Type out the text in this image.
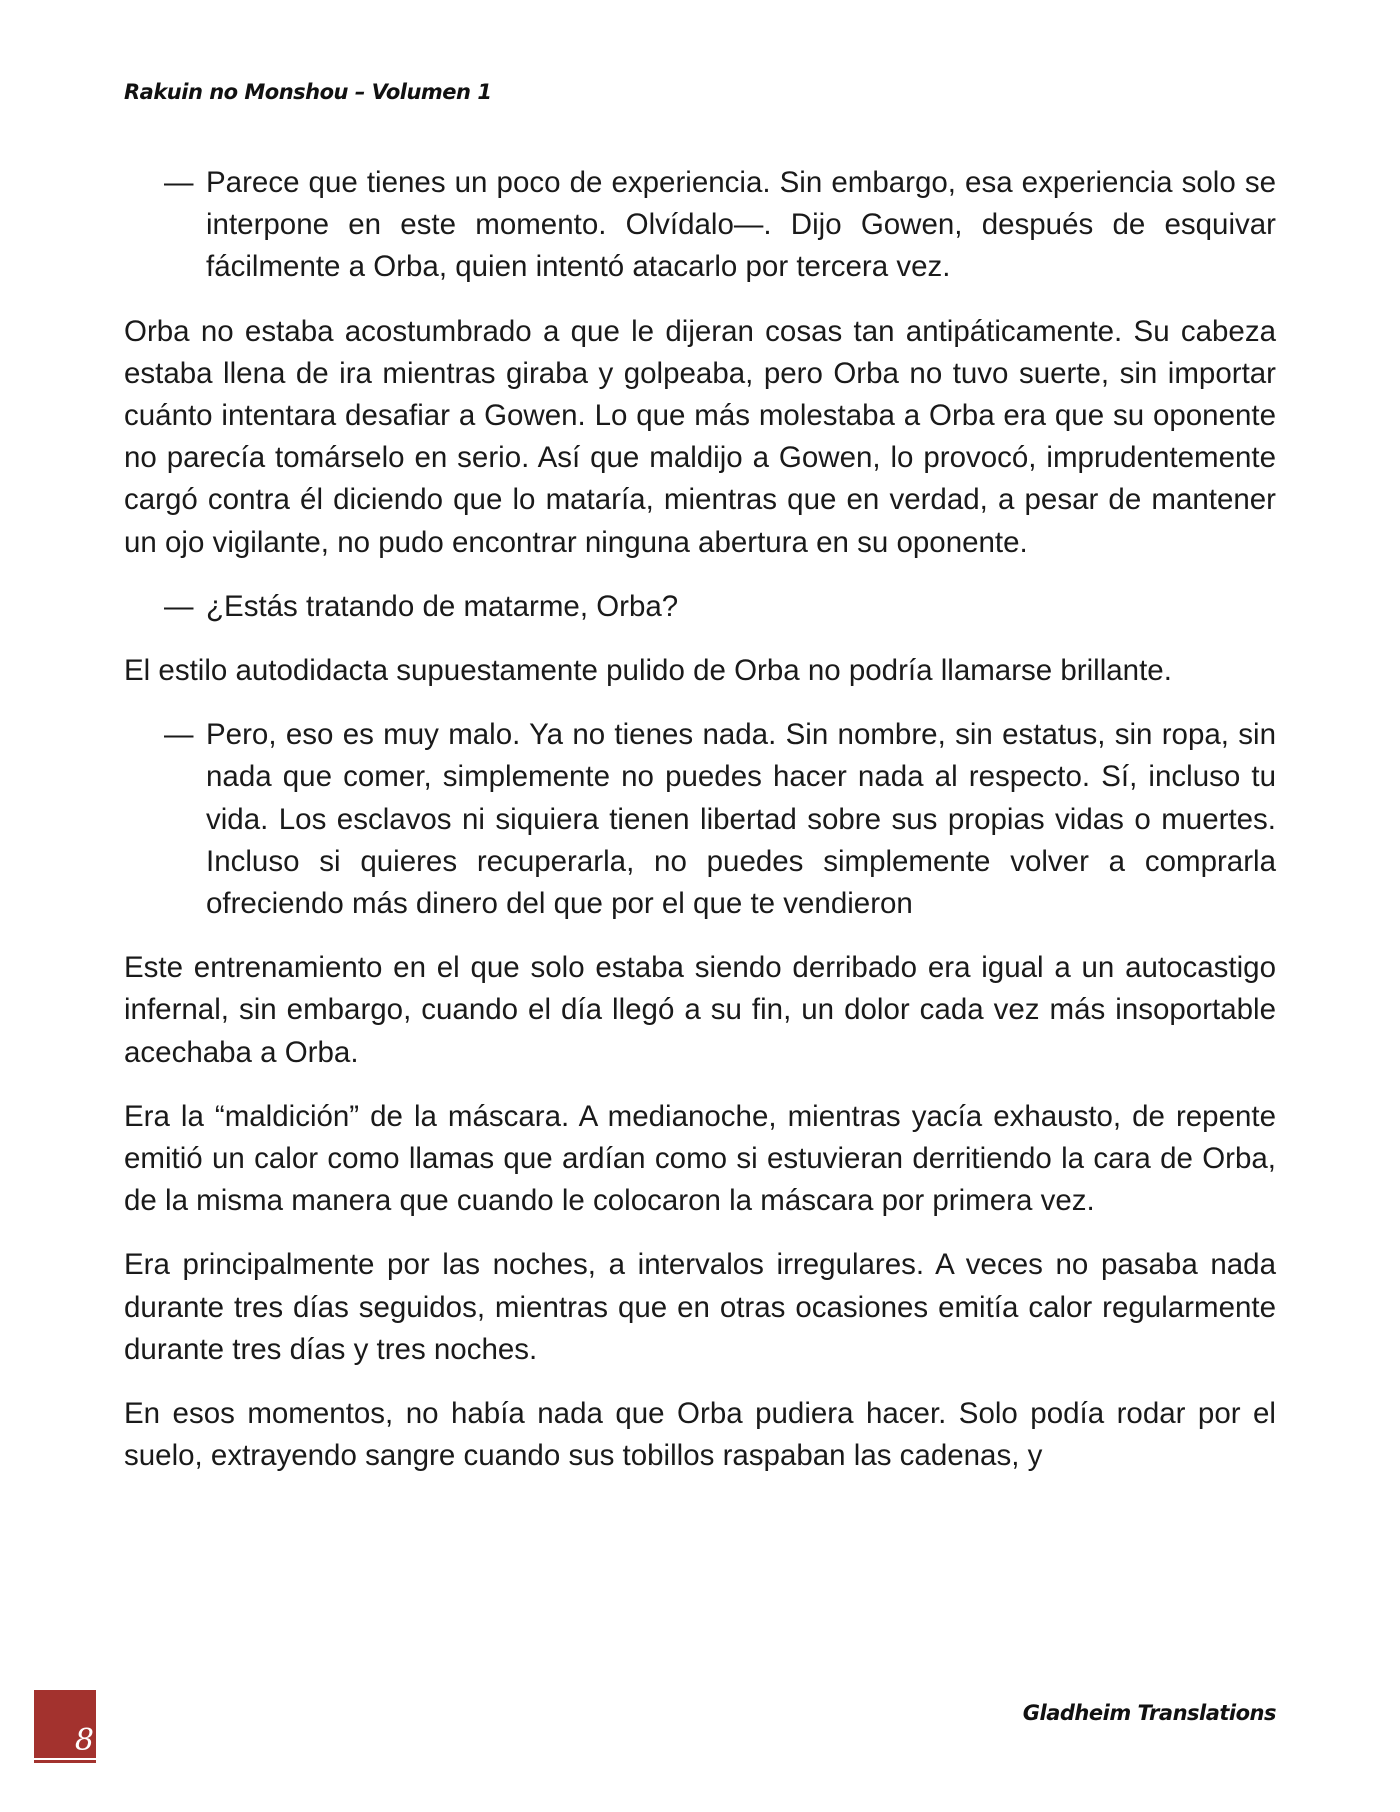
Rakuin no Monshou – Volumen 1

— Parece que tienes un poco de experiencia. Sin embargo, esa experiencia solo se interpone en este momento. Olvídalo—. Dijo Gowen, después de esquivar fácilmente a Orba, quien intentó atacarlo por tercera vez.

Orba no estaba acostumbrado a que le dijeran cosas tan antipáticamente. Su cabeza estaba llena de ira mientras giraba y golpeaba, pero Orba no tuvo suerte, sin importar cuánto intentara desafiar a Gowen. Lo que más molestaba a Orba era que su oponente no parecía tomárselo en serio. Así que maldijo a Gowen, lo provocó, imprudentemente cargó contra él diciendo que lo mataría, mientras que en verdad, a pesar de mantener un ojo vigilante, no pudo encontrar ninguna abertura en su oponente.

— ¿Estás tratando de matarme, Orba?

El estilo autodidacta supuestamente pulido de Orba no podría llamarse brillante.

— Pero, eso es muy malo. Ya no tienes nada. Sin nombre, sin estatus, sin ropa, sin nada que comer, simplemente no puedes hacer nada al respecto. Sí, incluso tu vida. Los esclavos ni siquiera tienen libertad sobre sus propias vidas o muertes. Incluso si quieres recuperarla, no puedes simplemente volver a comprarla ofreciendo más dinero del que por el que te vendieron

Este entrenamiento en el que solo estaba siendo derribado era igual a un autocastigo infernal, sin embargo, cuando el día llegó a su fin, un dolor cada vez más insoportable acechaba a Orba.

Era la “maldición” de la máscara. A medianoche, mientras yacía exhausto, de repente emitió un calor como llamas que ardían como si estuvieran derritiendo la cara de Orba, de la misma manera que cuando le colocaron la máscara por primera vez.

Era principalmente por las noches, a intervalos irregulares. A veces no pasaba nada durante tres días seguidos, mientras que en otras ocasiones emitía calor regularmente durante tres días y tres noches.

En esos momentos, no había nada que Orba pudiera hacer. Solo podía rodar por el suelo, extrayendo sangre cuando sus tobillos raspaban las cadenas, y

8
Gladheim Translations
